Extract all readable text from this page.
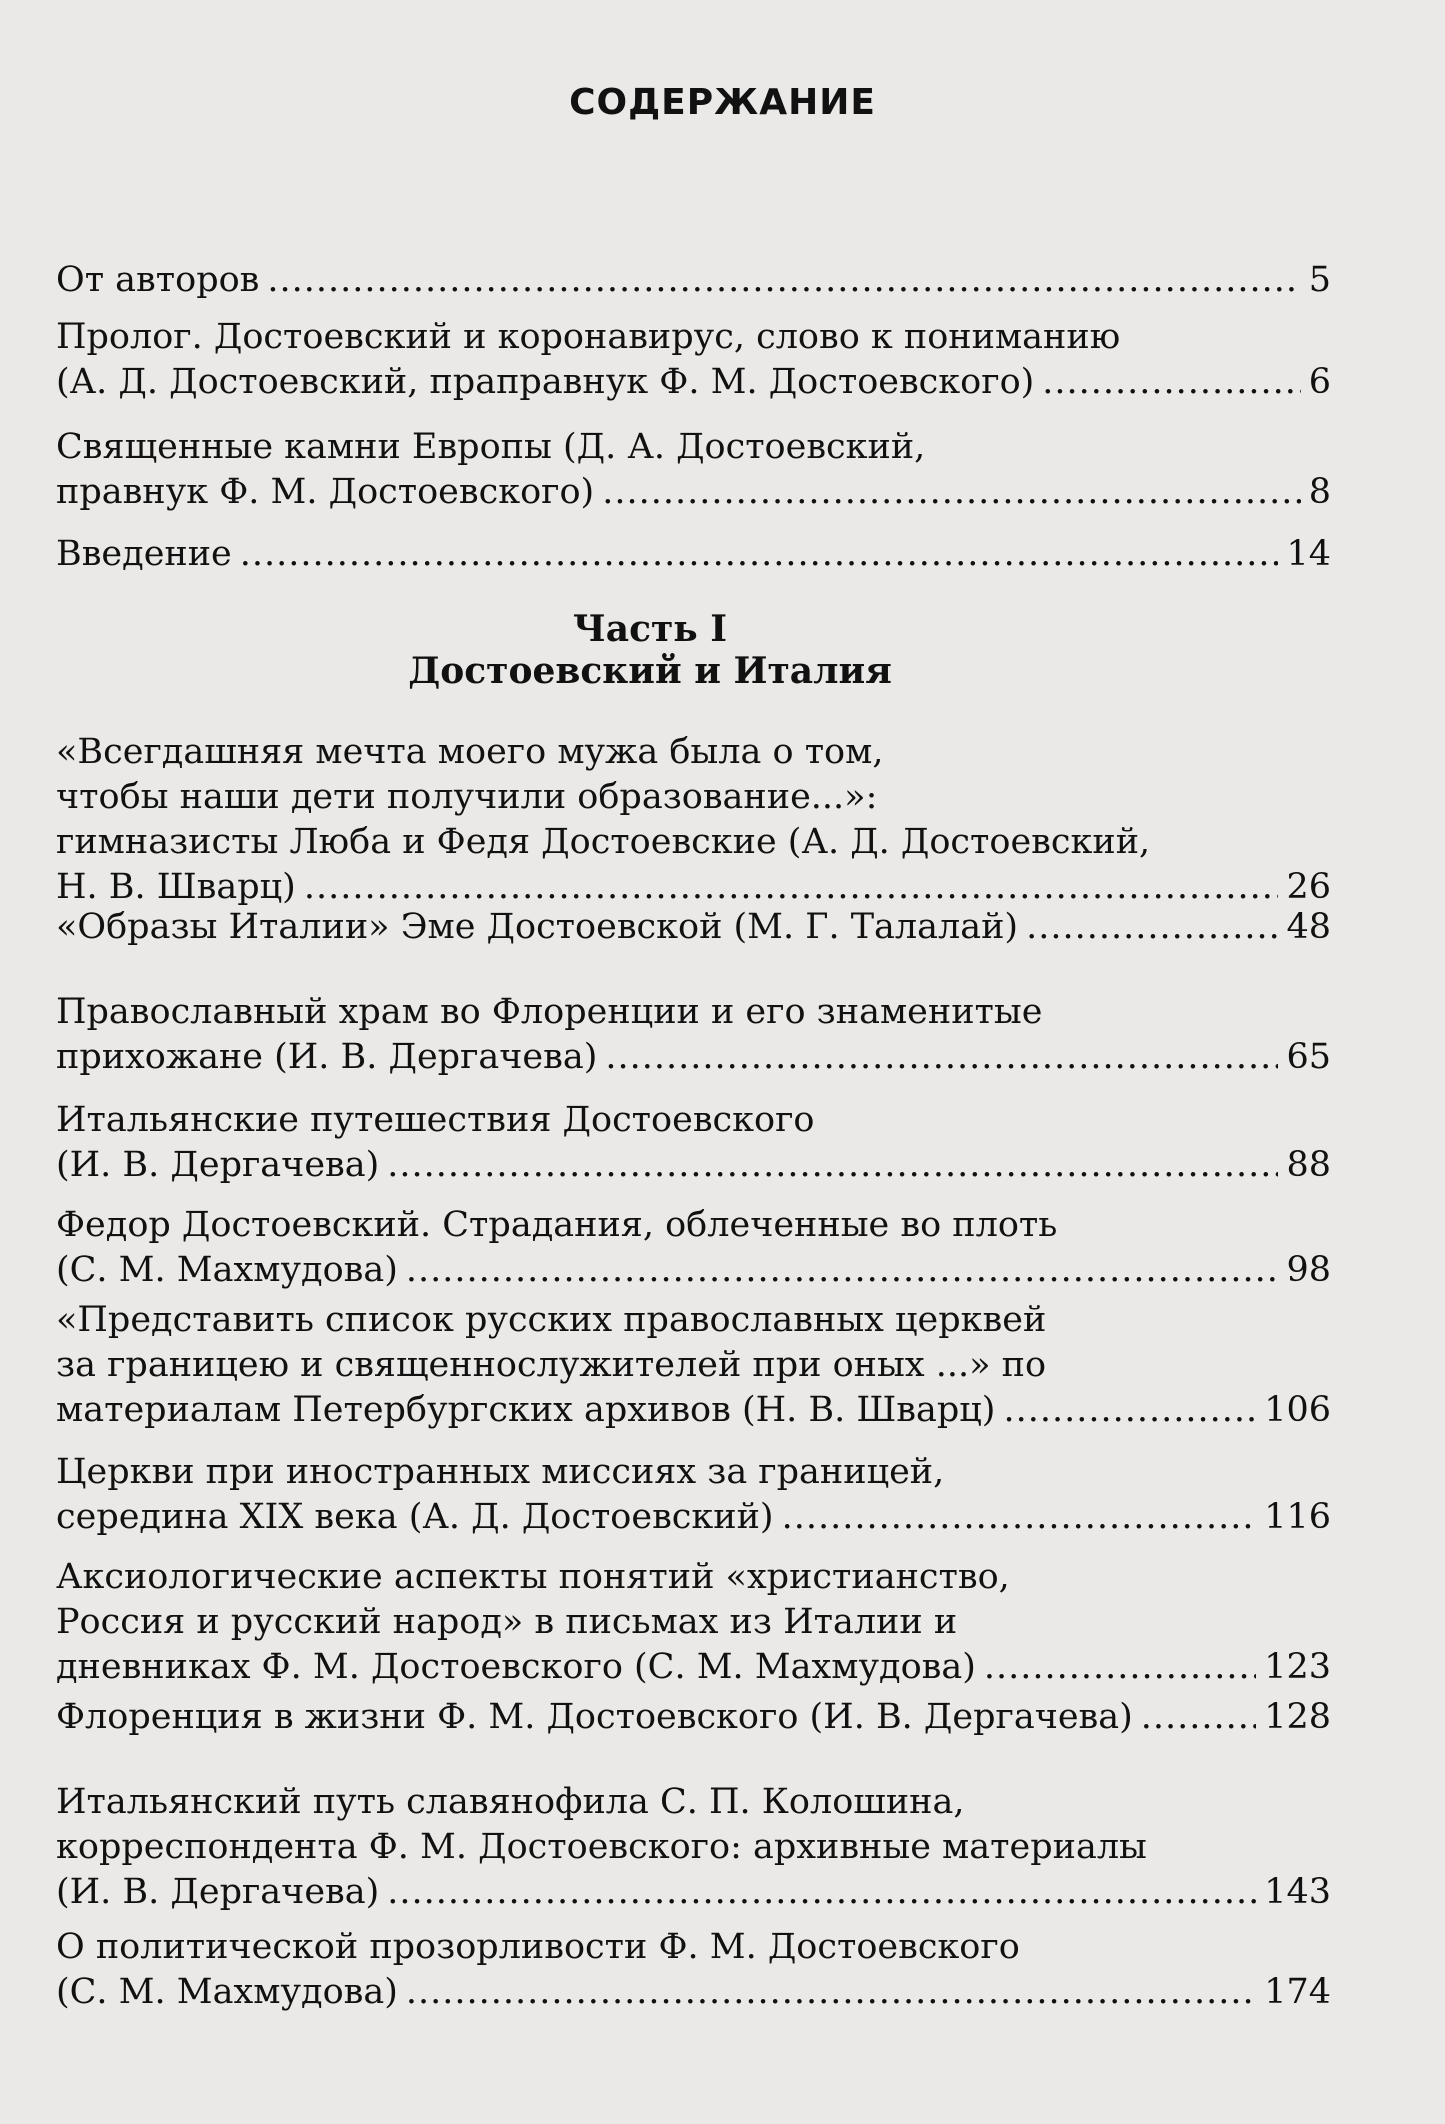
СОДЕРЖАНИЕ
Часть I
Достоевский и Италия
От авторов .....	5
Пролог. Достоевский и коронавирус, слово к пониманию
(А. Д. Достоевский, праправнук Ф. М. Достоевского) .....	6
Священные камни Европы (Д. А. Достоевский,
правнук Ф. М. Достоевского) .....	8
Введение .....	14
«Всегдашняя мечта моего мужа была о том,
чтобы наши дети получили образование...»:
гимназисты Люба и Федя Достоевские (А. Д. Достоевский,
Н. В. Шварц) .....	26
«Образы Италии» Эме Достоевской (М. Г. Талалай) .....	48
Православный храм во Флоренции и его знаменитые
прихожане (И. В. Дергачева) .....	65
Итальянские путешествия Достоевского
(И. В. Дергачева) .....	88
Федор Достоевский. Страдания, облеченные во плоть
(С. М. Махмудова) .....	98
«Представить список русских православных церквей
за границею и священнослужителей при оных ...» по
материалам Петербургских архивов (Н. В. Шварц) .....	106
Церкви при иностранных миссиях за границей,
середина XIX века (А. Д. Достоевский) .....	116
Аксиологические аспекты понятий «христианство,
Россия и русский народ» в письмах из Италии и
дневниках Ф. М. Достоевского (С. М. Махмудова) .....	123
Флоренция в жизни Ф. М. Достоевского (И. В. Дергачева) .....	128
Итальянский путь славянофила С. П. Колошина,
корреспондента Ф. М. Достоевского: архивные материалы
(И. В. Дергачева) .....	143
О политической прозорливости Ф. М. Достоевского
(С. М. Махмудова) .....	174
